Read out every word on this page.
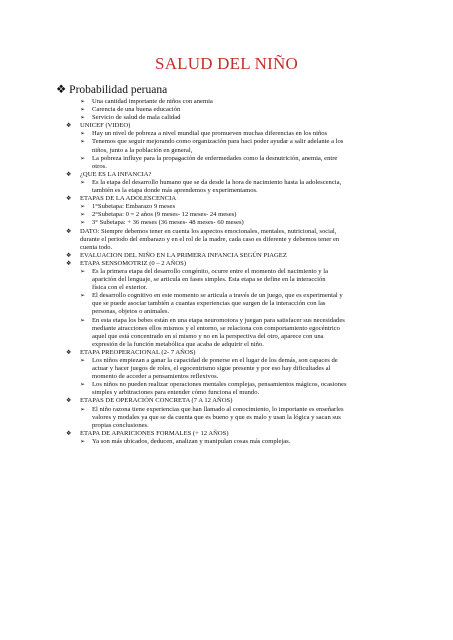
SALUD DEL NIÑO
❖ Probabilidad peruana
➢ Una cantidad importante de niños con anemia
➢ Carencia de una buena educación
➢ Servicio de salud de mala calidad
❖ UNICEF (VIDEO)
➢ Hay un nivel de pobreza a nivel mundial que promueven muchas diferencias en los niños
➢ Tenemos que seguir mejorando como organización para haci poder ayudar a salir adelante a los
niños, junto a la población en general,
➢ La pobreza influye para la propagación de enfermedades como la desnutrición, anemia, entre
otros.
❖ ¿QUE ES LA INFANCIA?
➢ Es la etapa del desarrollo humano que se da desde la hora de nacimiento hasta la adolescencia,
también es la etapa donde más aprendemos y experimentamos.
❖ ETAPAS DE LA ADOLESCENCIA
➢ 1°Subetapa: Embarazo 9 meses
➢ 2°Subetapa: 0 = 2 años (9 meses- 12 meses- 24 meses)
➢ 3° Subetapa: + 36 meses (36 meses- 48 meses- 60 meses)
❖ DATO: Siempre debemos tener en cuenta los aspectos emocionales, mentales, nutricional, social,
durante el periodo del embarazo y en el rol de la madre, cada caso es diferente y debemos tener en
cuenta todo.
❖ EVALUACION DEL NIÑO EN LA PRIMERA INFANCIA SEGÚN PIAGEZ
❖ ETAPA SENSOMOTRIZ (0 – 2 AÑOS)
➢ Es la primera etapa del desarrollo congénito, ocurre entre el momento del nacimiento y la
aparición del lenguaje, se articula en fases simples. Esta etapa se define en la interacción
física con el exterior.
➢ El desarrollo cognitivo en este momento se articula a través de un juego, que es experimental y
que se puede asociar también a cuantas experiencias que surgen de la interacción con las
personas, objetos o animales.
➢ En esta etapa los bebes están en una etapa neuromotora y juegan para satisfacer sus necesidades
mediante atracciones ellos mismos y el entorno, se relaciona con comportamiento egocéntrico
aquel que está concentrado en sí mismo y no en la perspectiva del otro, aparece con una
expresión de la función metabólica que acaba de adquirir el niño.
❖ ETAPA PREOPERACIONAL (2- 7 AÑOS)
➢ Los niños empiezan a ganar la capacidad de ponerse en el lugar de los demás, son capaces de
actuar y hacer juegos de roles, el egocentrismo sigue presente y por eso hay dificultades al
momento de acceder a pensamientos reflexivos.
➢ Los niños no pueden realizar operaciones mentales complejas, pensamientos mágicos, ocasiones
simples y arbitraciones para entender cómo funciona el mundo.
❖ ETAPAS DE OPERACIÓN CONCRETA (7 A 12 AÑOS)
➢ El niño razona tiene experiencias que han llamado al conocimiento, lo importante es enseñarles
valores y modales ya que se da cuenta que es bueno y que es malo y usan la lógica y sacan sus
propias conclusiones.
❖ ETAPA DE APARICIONES FORMALES (+ 12 AÑOS)
➢ Ya son más ubicados, deducen, analizan y manipulan cosas más complejas.
